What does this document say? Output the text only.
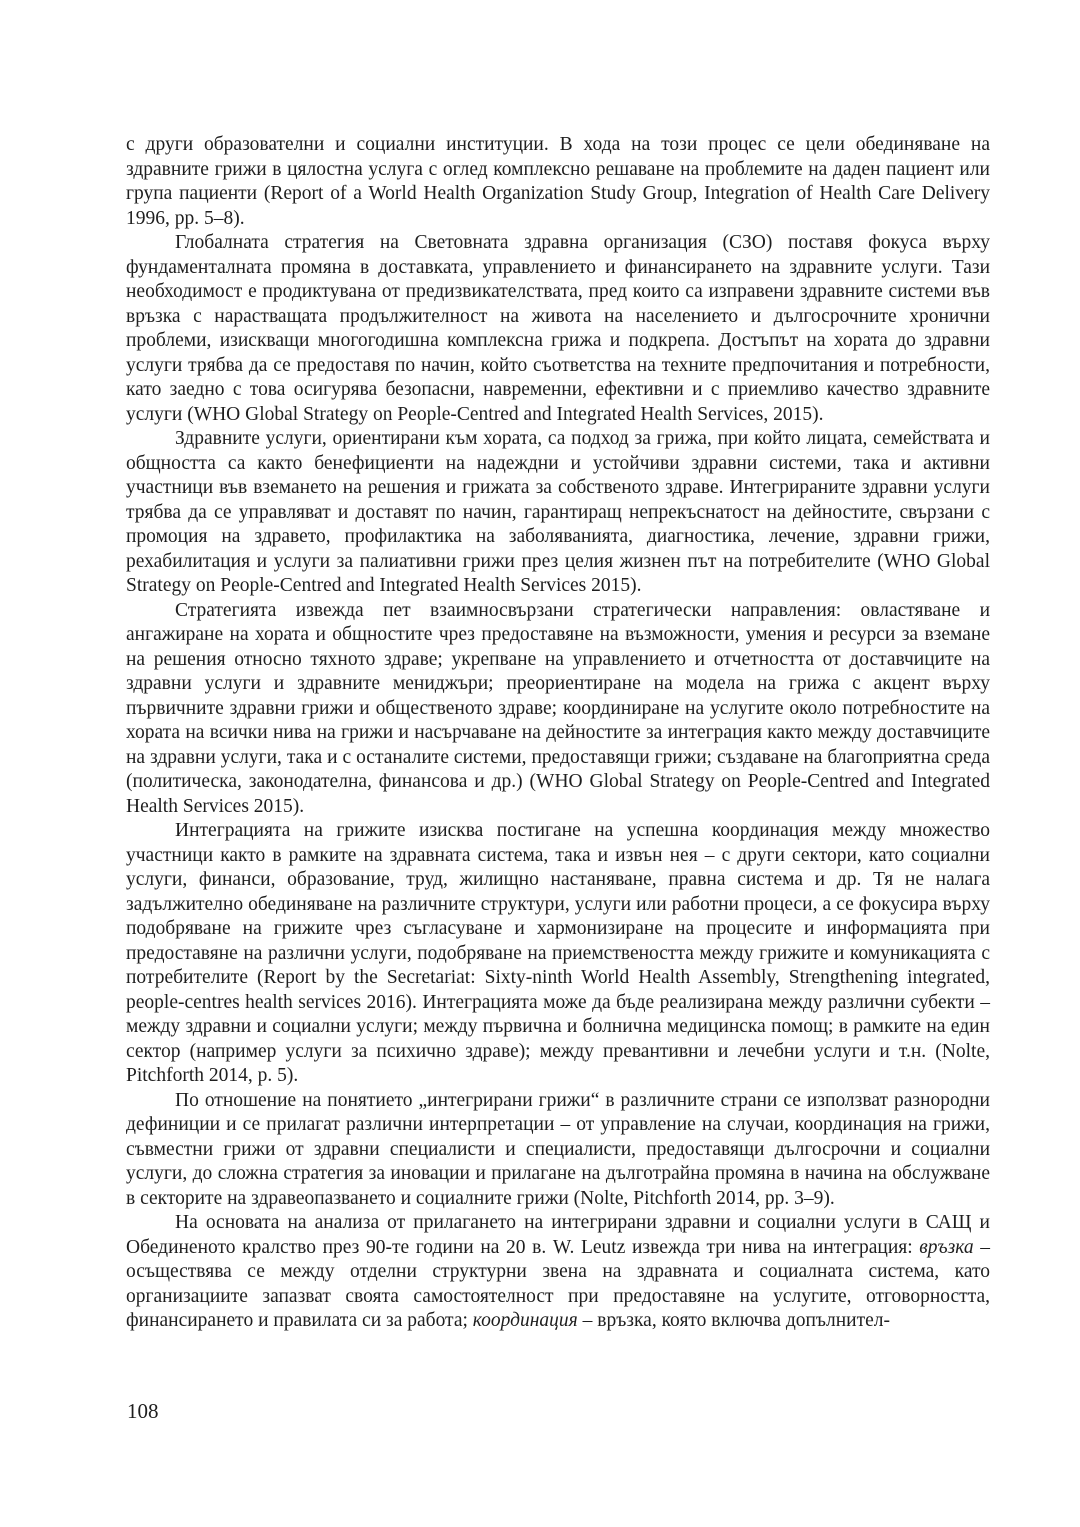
с други образователни и социални институции. В хода на този процес се цели обединяване на здравните грижи в цялостна услуга с оглед комплексно решаване на проблемите на даден пациент или група пациенти (Report of a World Health Organization Study Group, Integration of Health Care Delivery 1996, pp. 5–8).

Глобалната стратегия на Световната здравна организация (СЗО) поставя фокуса върху фундаменталната промяна в доставката, управлението и финансирането на здравните услуги. Тази необходимост е продиктувана от предизвикателствата, пред които са изправени здравните системи във връзка с нарастващата продължителност на живота на населението и дългосрочните хронични проблеми, изискващи многогодишна комплексна грижа и подкрепа. Достъпът на хората до здравни услуги трябва да се предоставя по начин, който съответства на техните предпочитания и потребности, като заедно с това осигурява безопасни, навременни, ефективни и с приемливо качество здравните услуги (WHO Global Strategy on People-Centred and Integrated Health Services, 2015).

Здравните услуги, ориентирани към хората, са подход за грижа, при който лицата, семействата и общността са както бенефициенти на надеждни и устойчиви здравни системи, така и активни участници във вземането на решения и грижата за собственото здраве. Интегрираните здравни услуги трябва да се управляват и доставят по начин, гарантиращ непрекъснатост на дейностите, свързани с промоция на здравето, профилактика на заболяванията, диагностика, лечение, здравни грижи, рехабилитация и услуги за палиативни грижи през целия жизнен път на потребителите (WHO Global Strategy on People-Centred and Integrated Health Services 2015).

Стратегията извежда пет взаимносвързани стратегически направления: овластяване и ангажиране на хората и общностите чрез предоставяне на възможности, умения и ресурси за вземане на решения относно тяхното здраве; укрепване на управлението и отчетността от доставчиците на здравни услуги и здравните мениджъри; преориентиране на модела на грижа с акцент върху първичните здравни грижи и общественото здраве; координиране на услугите около потребностите на хората на всички нива на грижи и насърчаване на дейностите за интеграция както между доставчиците на здравни услуги, така и с останалите системи, предоставящи грижи; създаване на благоприятна среда (политическа, законодателна, финансова и др.) (WHO Global Strategy on People-Centred and Integrated Health Services 2015).

Интеграцията на грижите изисква постигане на успешна координация между множество участници както в рамките на здравната система, така и извън нея – с други сектори, като социални услуги, финанси, образование, труд, жилищно настаняване, правна система и др. Тя не налага задължително обединяване на различните структури, услуги или работни процеси, а се фокусира върху подобряване на грижите чрез съгласуване и хармонизиране на процесите и информацията при предоставяне на различни услуги, подобряване на приемствеността между грижите и комуникацията с потребителите (Report by the Secretariat: Sixty-ninth World Health Assembly, Strengthening integrated, people-centres health services 2016). Интеграцията може да бъде реализирана между различни субекти – между здравни и социални услуги; между първична и болнична медицинска помощ; в рамките на един сектор (например услуги за психично здраве); между превантивни и лечебни услуги и т.н. (Nolte, Pitchforth 2014, p. 5).

По отношение на понятието „интегрирани грижи“ в различните страни се използват разнородни дефиниции и се прилагат различни интерпретации – от управление на случаи, координация на грижи, съвместни грижи от здравни специалисти и специалисти, предоставящи дългосрочни и социални услуги, до сложна стратегия за иновации и прилагане на дълготрайна промяна в начина на обслужване в секторите на здравеопазването и социалните грижи (Nolte, Pitchforth 2014, pp. 3–9).

На основата на анализа от прилагането на интегрирани здравни и социални услуги в САЩ и Обединеното кралство през 90-те години на 20 в. W. Leutz извежда три нива на интеграция: връзка – осъществява се между отделни структурни звена на здравната и социалната система, като организациите запазват своята самостоятелност при предоставяне на услугите, отговорността, финансирането и правилата си за работа; координация – връзка, която включва допълнител-

108
